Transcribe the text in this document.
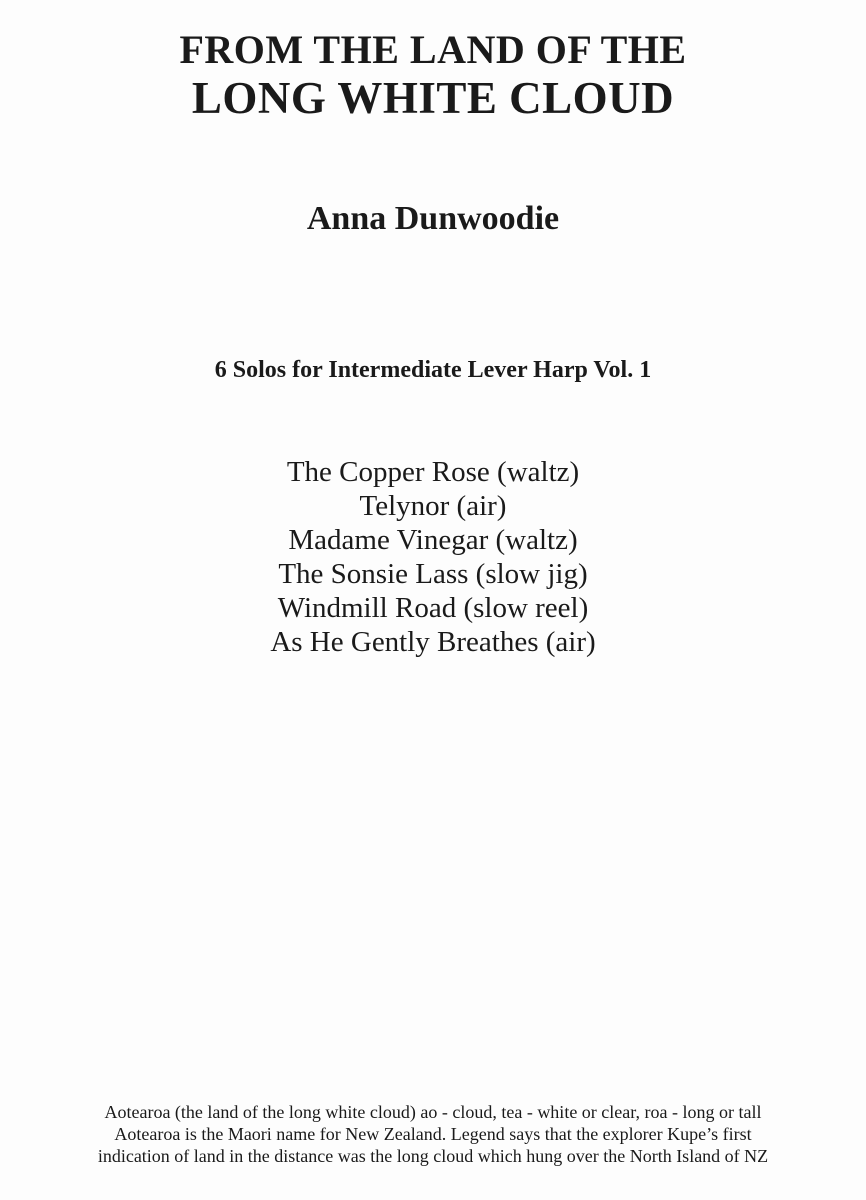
FROM THE LAND OF THE
LONG WHITE CLOUD
Anna Dunwoodie
6 Solos for Intermediate Lever Harp Vol. 1
The Copper Rose (waltz)
Telynor (air)
Madame Vinegar (waltz)
The Sonsie Lass (slow jig)
Windmill Road (slow reel)
As He Gently Breathes (air)
Aotearoa (the land of the long white cloud) ao - cloud, tea - white or clear, roa - long or tall
Aotearoa is the Maori name for New Zealand. Legend says that the explorer Kupe’s first
indication of land in the distance was the long cloud which hung over the North Island of NZ
